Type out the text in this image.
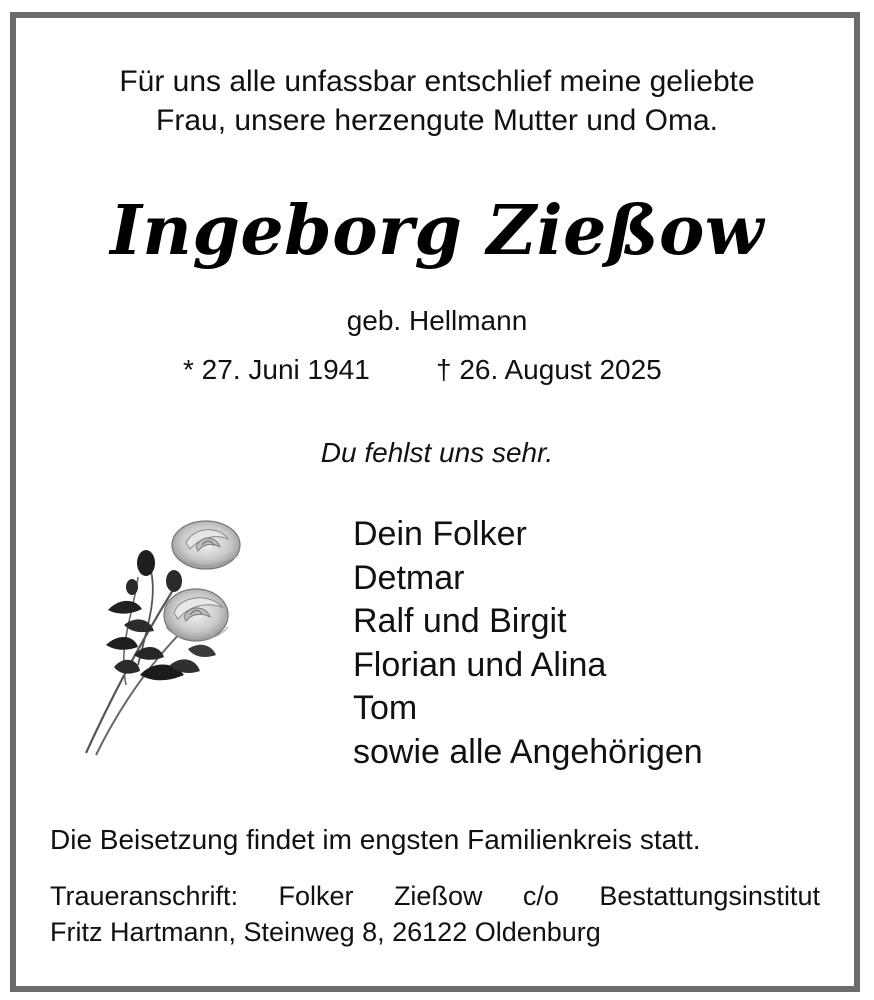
Für uns alle unfassbar entschlief meine geliebte
Frau, unsere herzengute Mutter und Oma.
Ingeborg Zießow
geb. Hellmann
* 27. Juni 1941 † 26. August 2025
Du fehlst uns sehr.
Dein Folker
Detmar
Ralf und Birgit
Florian und Alina
Tom
sowie alle Angehörigen
Die Beisetzung findet im engsten Familienkreis statt.
Traueranschrift: Folker Zießow c/o Bestattungsinstitut
Fritz Hartmann, Steinweg 8, 26122 Oldenburg
